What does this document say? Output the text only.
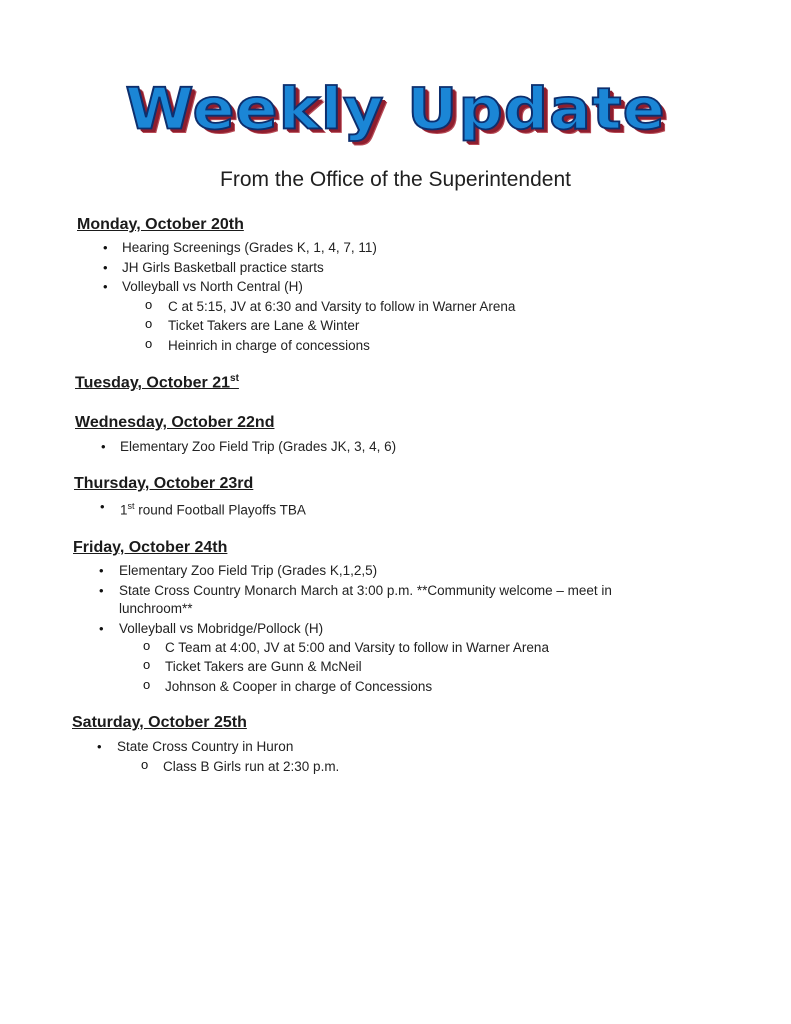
Weekly Update
From the Office of the Superintendent
Monday, October 20th
• Hearing Screenings (Grades K, 1, 4, 7, 11)
• JH Girls Basketball practice starts
• Volleyball vs North Central (H)
o C at 5:15, JV at 6:30 and Varsity to follow in Warner Arena
o Ticket Takers are Lane & Winter
o Heinrich in charge of concessions
Tuesday, October 21st
Wednesday, October 22nd
• Elementary Zoo Field Trip (Grades JK, 3, 4, 6)
Thursday, October 23rd
• 1st round Football Playoffs TBA
Friday, October 24th
• Elementary Zoo Field Trip (Grades K,1,2,5)
• State Cross Country Monarch March at 3:00 p.m. **Community welcome – meet in
lunchroom**
• Volleyball vs Mobridge/Pollock (H)
o C Team at 4:00, JV at 5:00 and Varsity to follow in Warner Arena
o Ticket Takers are Gunn & McNeil
o Johnson & Cooper in charge of Concessions
Saturday, October 25th
• State Cross Country in Huron
o Class B Girls run at 2:30 p.m.
